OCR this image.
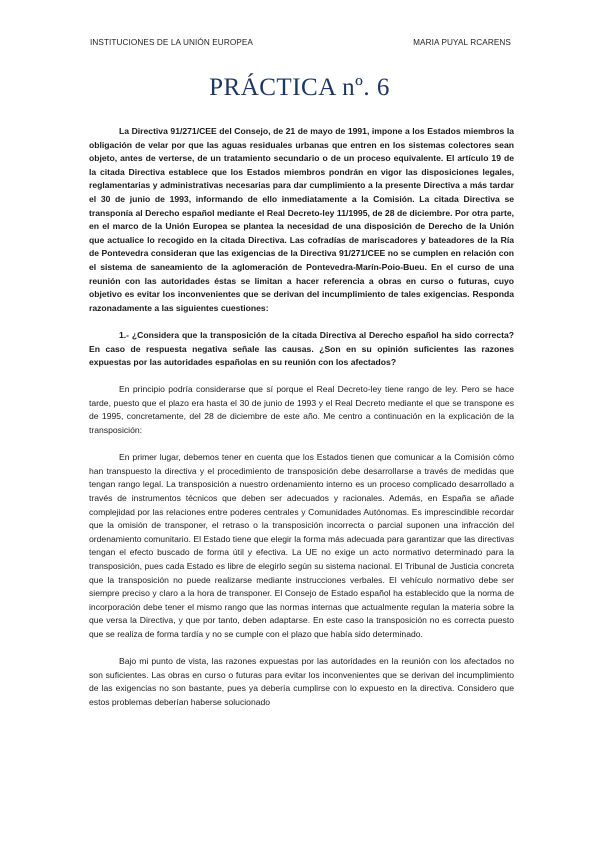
INSTITUCIONES DE LA UNIÓN EUROPEA	MARIA PUYAL RCARENS
PRÁCTICA nº. 6

La Directiva 91/271/CEE del Consejo, de 21 de mayo de 1991, impone a los Estados miembros la obligación de velar por que las aguas residuales urbanas que entren en los sistemas colectores sean objeto, antes de verterse, de un tratamiento secundario o de un proceso equivalente. El artículo 19 de la citada Directiva establece que los Estados miembros pondrán en vigor las disposiciones legales, reglamentarias y administrativas necesarias para dar cumplimiento a la presente Directiva a más tardar el 30 de junio de 1993, informando de ello inmediatamente a la Comisión. La citada Directiva se transponía al Derecho español mediante el Real Decreto-ley 11/1995, de 28 de diciembre. Por otra parte, en el marco de la Unión Europea se plantea la necesidad de una disposición de Derecho de la Unión que actualice lo recogido en la citada Directiva. Las cofradías de mariscadores y bateadores de la Ría de Pontevedra consideran que las exigencias de la Directiva 91/271/CEE no se cumplen en relación con el sistema de saneamiento de la aglomeración de Pontevedra-Marín-Poio-Bueu. En el curso de una reunión con las autoridades éstas se limitan a hacer referencia a obras en curso o futuras, cuyo objetivo es evitar los inconvenientes que se derivan del incumplimiento de tales exigencias. Responda razonadamente a las siguientes cuestiones:

1.- ¿Considera que la transposición de la citada Directiva al Derecho español ha sido correcta? En caso de respuesta negativa señale las causas. ¿Son en su opinión suficientes las razones expuestas por las autoridades españolas en su reunión con los afectados?

En principio podría considerarse que sí porque el Real Decreto-ley tiene rango de ley. Pero se hace tarde, puesto que el plazo era hasta el 30 de junio de 1993 y el Real Decreto mediante el que se transpone es de 1995, concretamente, del 28 de diciembre de este año. Me centro a continuación en la explicación de la transposición:

En primer lugar, debemos tener en cuenta que los Estados tienen que comunicar a la Comisión cómo han transpuesto la directiva y el procedimiento de transposición debe desarrollarse a través de medidas que tengan rango legal. La transposición a nuestro ordenamiento interno es un proceso complicado desarrollado a través de instrumentos técnicos que deben ser adecuados y racionales. Además, en España se añade complejidad por las relaciones entre poderes centrales y Comunidades Autónomas. Es imprescindible recordar que la omisión de transponer, el retraso o la transposición incorrecta o parcial suponen una infracción del ordenamiento comunitario. El Estado tiene que elegir la forma más adecuada para garantizar que las directivas tengan el efecto buscado de forma útil y efectiva. La UE no exige un acto normativo determinado para la transposición, pues cada Estado es libre de elegirlo según su sistema nacional. El Tribunal de Justicia concreta que la transposición no puede realizarse mediante instrucciones verbales. El vehículo normativo debe ser siempre preciso y claro a la hora de transponer. El Consejo de Estado español ha establecido que la norma de incorporación debe tener el mismo rango que las normas internas que actualmente regulan la materia sobre la que versa la Directiva, y que por tanto, deben adaptarse. En este caso la transposición no es correcta puesto que se realiza de forma tardía y no se cumple con el plazo que había sido determinado.

Bajo mi punto de vista, las razones expuestas por las autoridades en la reunión con los afectados no son suficientes. Las obras en curso o futuras para evitar los inconvenientes que se derivan del incumplimiento de las exigencias no son bastante, pues ya debería cumplirse con lo expuesto en la directiva. Considero que estos problemas deberían haberse solucionado
